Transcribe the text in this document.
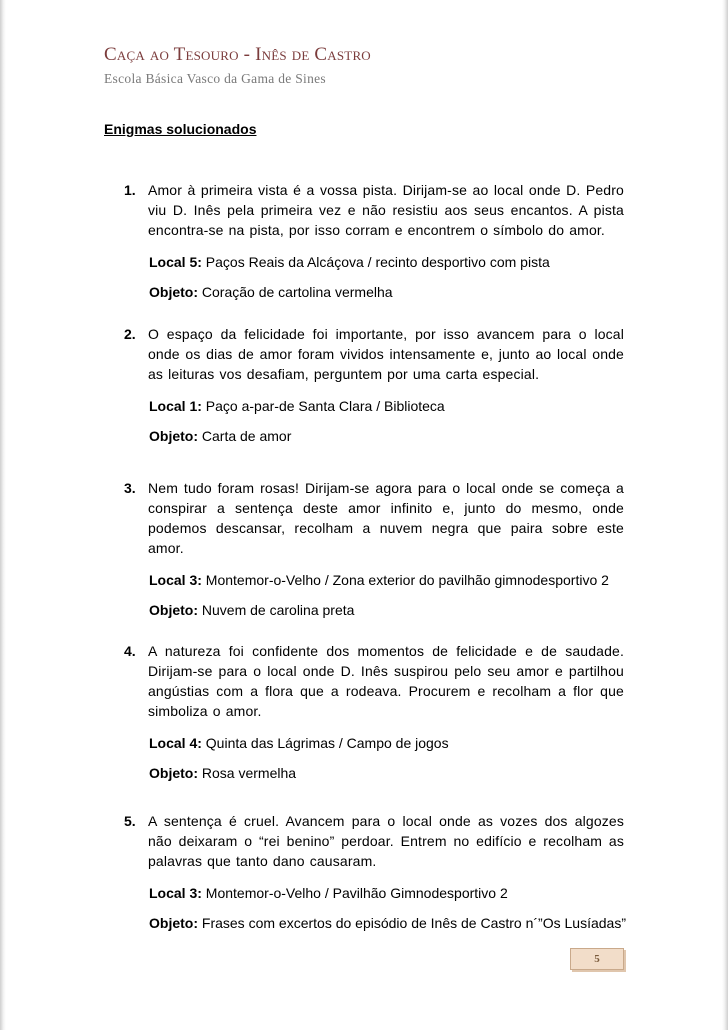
Caça ao Tesouro - Inês de Castro
Escola Básica Vasco da Gama de Sines
Enigmas solucionados
1. Amor à primeira vista é a vossa pista. Dirijam-se ao local onde D. Pedro viu D. Inês pela primeira vez e não resistiu aos seus encantos. A pista encontra-se na pista, por isso corram e encontrem o símbolo do amor.

Local 5: Paços Reais da Alcáçova / recinto desportivo com pista

Objeto: Coração de cartolina vermelha

2. O espaço da felicidade foi importante, por isso avancem para o local onde os dias de amor foram vividos intensamente e, junto ao local onde as leituras vos desafiam, perguntem por uma carta especial.

Local 1: Paço a-par-de Santa Clara / Biblioteca

Objeto: Carta de amor

3. Nem tudo foram rosas! Dirijam-se agora para o local onde se começa a conspirar a sentença deste amor infinito e, junto do mesmo, onde podemos descansar, recolham a nuvem negra que paira sobre este amor.

Local 3: Montemor-o-Velho / Zona exterior do pavilhão gimnodesportivo 2

Objeto: Nuvem de carolina preta

4. A natureza foi confidente dos momentos de felicidade e de saudade. Dirijam-se para o local onde D. Inês suspirou pelo seu amor e partilhou angústias com a flora que a rodeava. Procurem e recolham a flor que simboliza o amor.

Local 4: Quinta das Lágrimas / Campo de jogos

Objeto: Rosa vermelha

5. A sentença é cruel. Avancem para o local onde as vozes dos algozes não deixaram o “rei benino” perdoar. Entrem no edifício e recolham as palavras que tanto dano causaram.

Local 3: Montemor-o-Velho / Pavilhão Gimnodesportivo 2

Objeto: Frases com excertos do episódio de Inês de Castro n´”Os Lusíadas”

5
